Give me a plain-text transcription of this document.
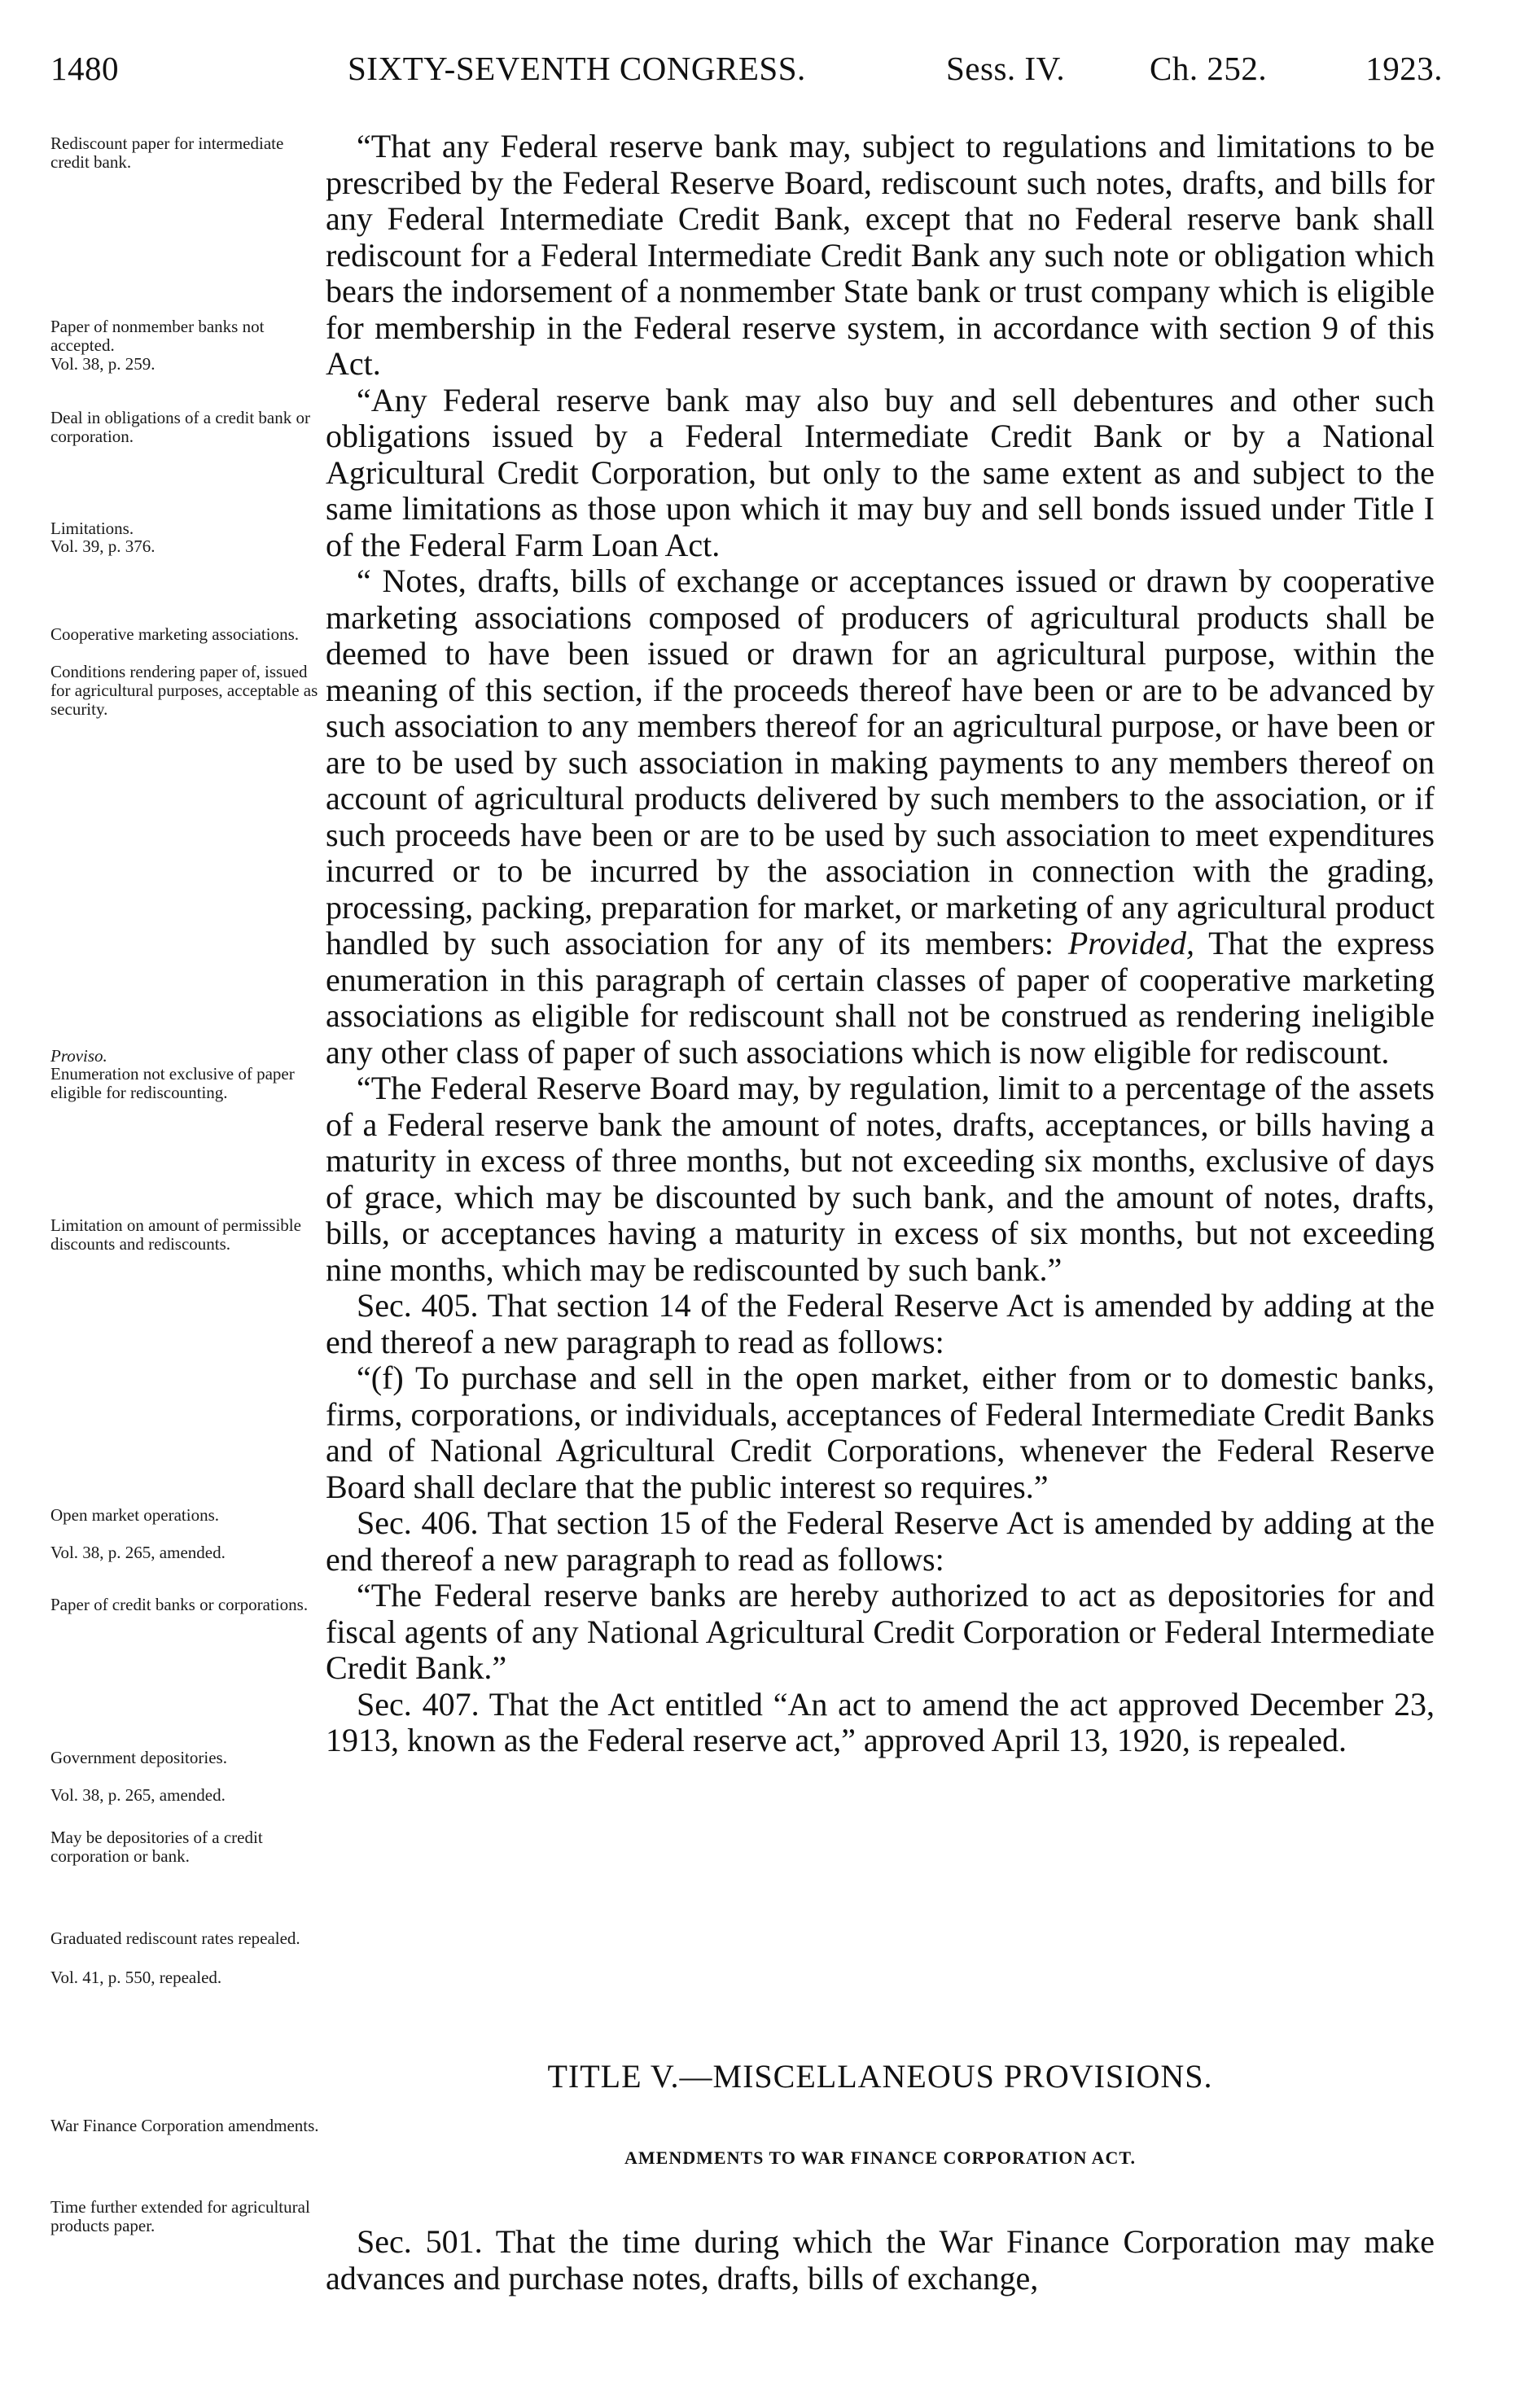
1480	SIXTY-SEVENTH CONGRESS.	Sess. IV.	Ch. 252.	1923.
Rediscount paper for intermediate credit bank.
Paper of nonmember banks not accepted.
Vol. 38, p. 259.
Deal in obligations of a credit bank or corporation.
Limitations.
Vol. 39, p. 376.
Cooperative marketing associations.
Conditions rendering paper of, issued for agricultural purposes, acceptable as security.
Proviso.
Enumeration not exclusive of paper eligible for rediscounting.
Limitation on amount of permissible discounts and rediscounts.
Open market operations.
Vol. 38, p. 265, amended.
Paper of credit banks or corporations.
Government depositories.
Vol. 38, p. 265, amended.
May be depositories of a credit corporation or bank.
Graduated rediscount rates repealed.
Vol. 41, p. 550, repealed.
War Finance Corporation amendments.
Time further extended for agricultural products paper.

“That any Federal reserve bank may, subject to regulations and limitations to be prescribed by the Federal Reserve Board, rediscount such notes, drafts, and bills for any Federal Intermediate Credit Bank, except that no Federal reserve bank shall rediscount for a Federal Intermediate Credit Bank any such note or obligation which bears the indorsement of a nonmember State bank or trust company which is eligible for membership in the Federal reserve system, in accordance with section 9 of this Act.

“Any Federal reserve bank may also buy and sell debentures and other such obligations issued by a Federal Intermediate Credit Bank or by a National Agricultural Credit Corporation, but only to the same extent as and subject to the same limitations as those upon which it may buy and sell bonds issued under Title I of the Federal Farm Loan Act.

“ Notes, drafts, bills of exchange or acceptances issued or drawn by cooperative marketing associations composed of producers of agricultural products shall be deemed to have been issued or drawn for an agricultural purpose, within the meaning of this section, if the proceeds thereof have been or are to be advanced by such association to any members thereof for an agricultural purpose, or have been or are to be used by such association in making payments to any members thereof on account of agricultural products delivered by such members to the association, or if such proceeds have been or are to be used by such association to meet expenditures incurred or to be incurred by the association in connection with the grading, processing, packing, preparation for market, or marketing of any agricultural product handled by such association for any of its members: Provided, That the express enumeration in this paragraph of certain classes of paper of cooperative marketing associations as eligible for rediscount shall not be construed as rendering ineligible any other class of paper of such associations which is now eligible for rediscount.

“The Federal Reserve Board may, by regulation, limit to a percentage of the assets of a Federal reserve bank the amount of notes, drafts, acceptances, or bills having a maturity in excess of three months, but not exceeding six months, exclusive of days of grace, which may be discounted by such bank, and the amount of notes, drafts, bills, or acceptances having a maturity in excess of six months, but not exceeding nine months, which may be rediscounted by such bank.”

Sec. 405. That section 14 of the Federal Reserve Act is amended by adding at the end thereof a new paragraph to read as follows:

“(f) To purchase and sell in the open market, either from or to domestic banks, firms, corporations, or individuals, acceptances of Federal Intermediate Credit Banks and of National Agricultural Credit Corporations, whenever the Federal Reserve Board shall declare that the public interest so requires.”

Sec. 406. That section 15 of the Federal Reserve Act is amended by adding at the end thereof a new paragraph to read as follows:

“The Federal reserve banks are hereby authorized to act as depositories for and fiscal agents of any National Agricultural Credit Corporation or Federal Intermediate Credit Bank.”

Sec. 407. That the Act entitled “An act to amend the act approved December 23, 1913, known as the Federal reserve act,” approved April 13, 1920, is repealed.

TITLE V.—MISCELLANEOUS PROVISIONS.
AMENDMENTS TO WAR FINANCE CORPORATION ACT.

Sec. 501. That the time during which the War Finance Corporation may make advances and purchase notes, drafts, bills of exchange,
